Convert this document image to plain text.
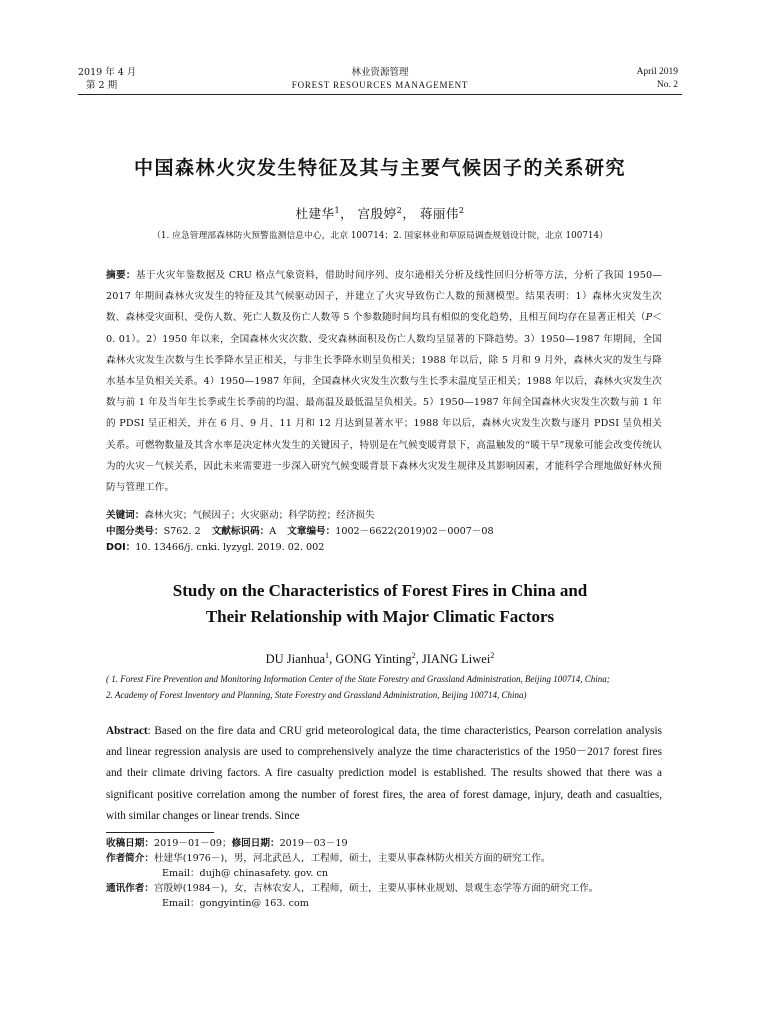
2019 年 4 月
第 2 期
林业资源管理
FOREST RESOURCES MANAGEMENT
April 2019
No. 2
中国森林火灾发生特征及其与主要气候因子的关系研究
杜建华$^1$， 宫殷婷$^2$， 蒋丽伟$^2$
（1. 应急管理部森林防火预警监测信息中心，北京 100714；2. 国家林业和草原局调查规划设计院，北京 100714）
摘要：基于火灾年鉴数据及 CRU 格点气象资料，借助时间序列、皮尔逊相关分析及线性回归分析等方法，分析了我国 1950—2017 年期间森林火灾发生的特征及其气候驱动因子，并建立了火灾导致伤亡人数的预测模型。结果表明：1）森林火灾发生次数、森林受灾面积、受伤人数、死亡人数及伤亡人数等 5 个参数随时间均具有相似的变化趋势，且相互间均存在显著正相关（P＜0. 01）。2）1950 年以来，全国森林火灾次数、受灾森林面积及伤亡人数均呈显著的下降趋势。3）1950—1987 年期间，全国森林火灾发生次数与生长季降水呈正相关，与非生长季降水则呈负相关；1988 年以后，除 5 月和 9 月外，森林火灾的发生与降水基本呈负相关关系。4）1950—1987 年间，全国森林火灾发生次数与生长季末温度呈正相关；1988 年以后，森林火灾发生次数与前 1 年及当年生长季或生长季前的均温、最高温及最低温呈负相关。5）1950—1987 年间全国森林火灾发生次数与前 1 年的 PDSI 呈正相关，并在 6 月、9 月、11 月和 12 月达到显著水平；1988 年以后，森林火灾发生次数与逐月 PDSI 呈负相关关系。可燃物数量及其含水率是决定林火发生的关键因子，特别是在气候变暖背景下，高温触发的“暖干旱”现象可能会改变传统认为的火灾－气候关系，因此未来需要进一步深入研究气候变暖背景下森林火灾发生规律及其影响因素，才能科学合理地做好林火预防与管理工作。
关键词：森林火灾；气候因子；火灾驱动；科学防控；经济损失
中图分类号：S762. 2 文献标识码：A 文章编号：1002－6622(2019)02－0007－08
DOI：10. 13466/j. cnki. lyzygl. 2019. 02. 002
Study on the Characteristics of Forest Fires in China and
Their Relationship with Major Climatic Factors
DU Jianhua$^1$, GONG Yinting$^2$, JIANG Liwei$^2$
( 1. Forest Fire Prevention and Monitoring Information Center of the State Forestry and Grassland Administration, Beijing 100714, China;
2. Academy of Forest Inventory and Planning, State Forestry and Grassland Administration, Beijing 100714, China)
Abstract: Based on the fire data and CRU grid meteorological data, the time characteristics, Pearson correlation analysis and linear regression analysis are used to comprehensively analyze the time characteristics of the 1950－2017 forest fires and their climate driving factors. A fire casualty prediction model is established. The results showed that there was a significant positive correlation among the number of forest fires, the area of forest damage, injury, death and casualties, with similar changes or linear trends. Since
收稿日期：2019－01－09；修回日期：2019－03－19
作者简介：杜建华(1976－)，男，河北武邑人，工程师，硕士，主要从事森林防火相关方面的研究工作。
Email：dujh@ chinasafety. gov. cn
通讯作者：宫殷婷(1984－)，女，吉林农安人，工程师，硕士，主要从事林业规划、景观生态学等方面的研究工作。
Email：gongyintin@ 163. com
